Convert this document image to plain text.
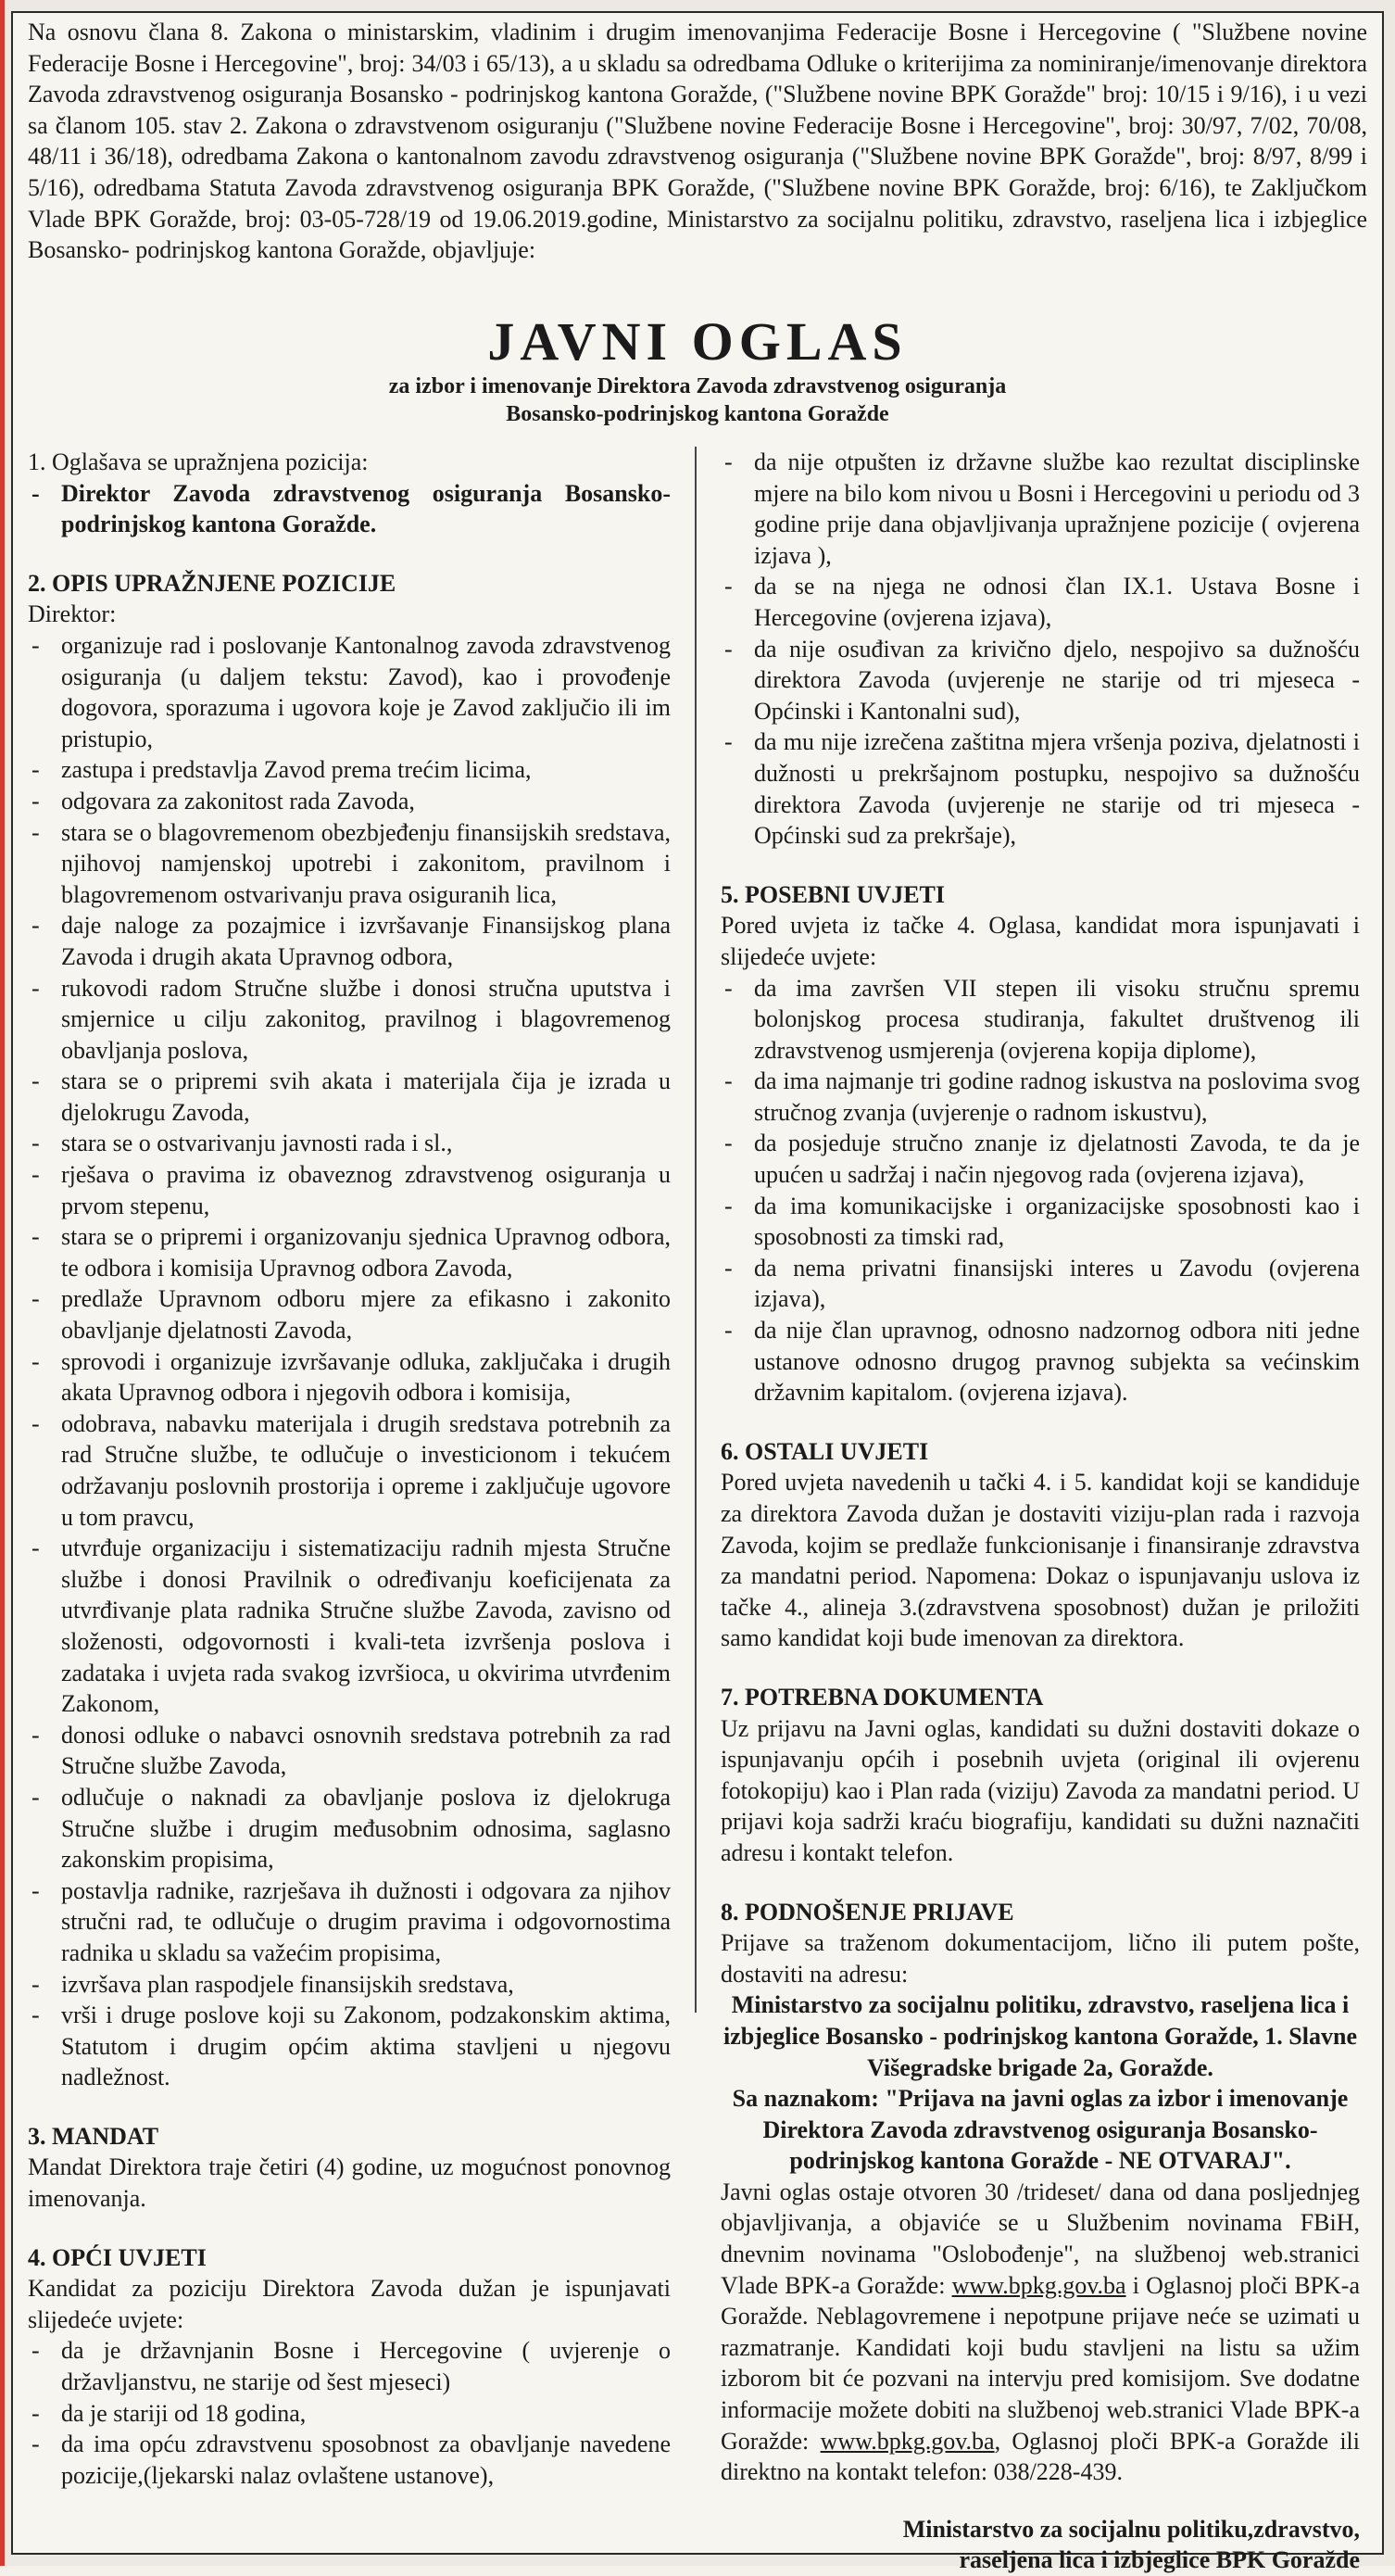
Na osnovu člana 8. Zakona o ministarskim, vladinim i drugim imenovanjima Federacije Bosne i Hercegovine ( "Službene novine Federacije Bosne i Hercegovine", broj: 34/03 i 65/13), a u skladu sa odredbama Odluke o kriterijima za nominiranje/imenovanje direktora Zavoda zdravstvenog osiguranja Bosansko - podrinjskog kantona Goražde, ("Službene novine BPK Goražde" broj: 10/15 i 9/16), i u vezi sa članom 105. stav 2. Zakona o zdravstvenom osiguranju ("Službene novine Federacije Bosne i Hercegovine", broj: 30/97, 7/02, 70/08, 48/11 i 36/18), odredbama Zakona o kantonalnom zavodu zdravstvenog osiguranja ("Službene novine BPK Goražde", broj: 8/97, 8/99 i 5/16), odredbama Statuta Zavoda zdravstvenog osiguranja BPK Goražde, ("Službene novine BPK Goražde, broj: 6/16), te Zaključkom Vlade BPK Goražde, broj: 03-05-728/19 od 19.06.2019.godine, Ministarstvo za socijalnu politiku, zdravstvo, raseljena lica i izbjeglice Bosansko- podrinjskog kantona Goražde, objavljuje:
JAVNI OGLAS
za izbor i imenovanje Direktora Zavoda zdravstvenog osiguranja
Bosansko-podrinjskog kantona Goražde
1. Oglašava se upražnjena pozicija:
- Direktor Zavoda zdravstvenog osiguranja Bosansko-podrinjskog kantona Goražde.
2. OPIS UPRAŽNJENE POZICIJE
Direktor:
- organizuje rad i poslovanje Kantonalnog zavoda zdravstvenog osiguranja (u daljem tekstu: Zavod), kao i provođenje dogovora, sporazuma i ugovora koje je Zavod zaključio ili im pristupio,
- zastupa i predstavlja Zavod prema trećim licima,
- odgovara za zakonitost rada Zavoda,
- stara se o blagovremenom obezbjeđenju finansijskih sredstava, njihovoj namjenskoj upotrebi i zakonitom, pravilnom i blagovremenom ostvarivanju prava osiguranih lica,
- daje naloge za pozajmice i izvršavanje Finansijskog plana Zavoda i drugih akata Upravnog odbora,
- rukovodi radom Stručne službe i donosi stručna uputstva i smjernice u cilju zakonitog, pravilnog i blagovremenog obavljanja poslova,
- stara se o pripremi svih akata i materijala čija je izrada u djelokrugu Zavoda,
- stara se o ostvarivanju javnosti rada i sl.,
- rješava o pravima iz obaveznog zdravstvenog osiguranja u prvom stepenu,
- stara se o pripremi i organizovanju sjednica Upravnog odbora, te odbora i komisija Upravnog odbora Zavoda,
- predlaže Upravnom odboru mjere za efikasno i zakonito obavljanje djelatnosti Zavoda,
- sprovodi i organizuje izvršavanje odluka, zaključaka i drugih akata Upravnog odbora i njegovih odbora i komisija,
- odobrava, nabavku materijala i drugih sredstava potrebnih za rad Stručne službe, te odlučuje o investicionom i tekućem održavanju poslovnih prostorija i opreme i zaključuje ugovore u tom pravcu,
- utvrđuje organizaciju i sistematizaciju radnih mjesta Stručne službe i donosi Pravilnik o određivanju koeficijenata za utvrđivanje plata radnika Stručne službe Zavoda, zavisno od složenosti, odgovornosti i kvali-teta izvršenja poslova i zadataka i uvjeta rada svakog izvršioca, u okvirima utvrđenim Zakonom,
- donosi odluke o nabavci osnovnih sredstava potrebnih za rad Stručne službe Zavoda,
- odlučuje o naknadi za obavljanje poslova iz djelokruga Stručne službe i drugim međusobnim odnosima, saglasno zakonskim propisima,
- postavlja radnike, razrješava ih dužnosti i odgovara za njihov stručni rad, te odlučuje o drugim pravima i odgovornostima radnika u skladu sa važećim propisima,
- izvršava plan raspodjele finansijskih sredstava,
- vrši i druge poslove koji su Zakonom, podzakonskim aktima, Statutom i drugim općim aktima stavljeni u njegovu nadležnost.
3. MANDAT
Mandat Direktora traje četiri (4) godine, uz mogućnost ponovnog imenovanja.
4. OPĆI UVJETI
Kandidat za poziciju Direktora Zavoda dužan je ispunjavati slijedeće uvjete:
- da je državnjanin Bosne i Hercegovine ( uvjerenje o državljanstvu, ne starije od šest mjeseci)
- da je stariji od 18 godina,
- da ima opću zdravstvenu sposobnost za obavljanje navedene pozicije,(ljekarski nalaz ovlaštene ustanove),
- da nije otpušten iz državne službe kao rezultat disciplinske mjere na bilo kom nivou u Bosni i Hercegovini u periodu od 3 godine prije dana objavljivanja upražnjene pozicije ( ovjerena izjava ),
- da se na njega ne odnosi član IX.1. Ustava Bosne i Hercegovine (ovjerena izjava),
- da nije osuđivan za krivično djelo, nespojivo sa dužnošću direktora Zavoda (uvjerenje ne starije od tri mjeseca - Općinski i Kantonalni sud),
- da mu nije izrečena zaštitna mjera vršenja poziva, djelatnosti i dužnosti u prekršajnom postupku, nespojivo sa dužnošću direktora Zavoda (uvjerenje ne starije od tri mjeseca - Općinski sud za prekršaje),
5. POSEBNI UVJETI
Pored uvjeta iz tačke 4. Oglasa, kandidat mora ispunjavati i slijedeće uvjete:
- da ima završen VII stepen ili visoku stručnu spremu bolonjskog procesa studiranja, fakultet društvenog ili zdravstvenog usmjerenja (ovjerena kopija diplome),
- da ima najmanje tri godine radnog iskustva na poslovima svog stručnog zvanja (uvjerenje o radnom iskustvu),
- da posjeduje stručno znanje iz djelatnosti Zavoda, te da je upućen u sadržaj i način njegovog rada (ovjerena izjava),
- da ima komunikacijske i organizacijske sposobnosti kao i sposobnosti za timski rad,
- da nema privatni finansijski interes u Zavodu (ovjerena izjava),
- da nije član upravnog, odnosno nadzornog odbora niti jedne ustanove odnosno drugog pravnog subjekta sa većinskim državnim kapitalom. (ovjerena izjava).
6. OSTALI UVJETI
Pored uvjeta navedenih u tački 4. i 5. kandidat koji se kandiduje za direktora Zavoda dužan je dostaviti viziju-plan rada i razvoja Zavoda, kojim se predlaže funkcionisanje i finansiranje zdravstva za mandatni period. Napomena: Dokaz o ispunjavanju uslova iz tačke 4., alineja 3.(zdravstvena sposobnost) dužan je priložiti samo kandidat koji bude imenovan za direktora.
7. POTREBNA DOKUMENTA
Uz prijavu na Javni oglas, kandidati su dužni dostaviti dokaze o ispunjavanju općih i posebnih uvjeta (original ili ovjerenu fotokopiju) kao i Plan rada (viziju) Zavoda za mandatni period. U prijavi koja sadrži kraću biografiju, kandidati su dužni naznačiti adresu i kontakt telefon.
8. PODNOŠENJE PRIJAVE
Prijave sa traženom dokumentacijom, lično ili putem pošte, dostaviti na adresu:
Ministarstvo za socijalnu politiku, zdravstvo, raseljena lica i izbjeglice Bosansko - podrinjskog kantona Goražde, 1. Slavne Višegradske brigade 2a, Goražde.
Sa naznakom: "Prijava na javni oglas za izbor i imenovanje Direktora Zavoda zdravstvenog osiguranja Bosansko-podrinjskog kantona Goražde - NE OTVARAJ".
Javni oglas ostaje otvoren 30 /trideset/ dana od dana posljednjeg objavljivanja, a objaviće se u Službenim novinama FBiH, dnevnim novinama "Oslobođenje", na službenoj web.stranici Vlade BPK-a Goražde: www.bpkg.gov.ba i Oglasnoj ploči BPK-a Goražde. Neblagovremene i nepotpune prijave neće se uzimati u razmatranje. Kandidati koji budu stavljeni na listu sa užim izborom bit će pozvani na intervju pred komisijom. Sve dodatne informacije možete dobiti na službenoj web.stranici Vlade BPK-a Goražde: www.bpkg.gov.ba, Oglasnoj ploči BPK-a Goražde ili direktno na kontakt telefon: 038/228-439.
Ministarstvo za socijalnu politiku,zdravstvo,
raseljena lica i izbjeglice BPK Goražde
